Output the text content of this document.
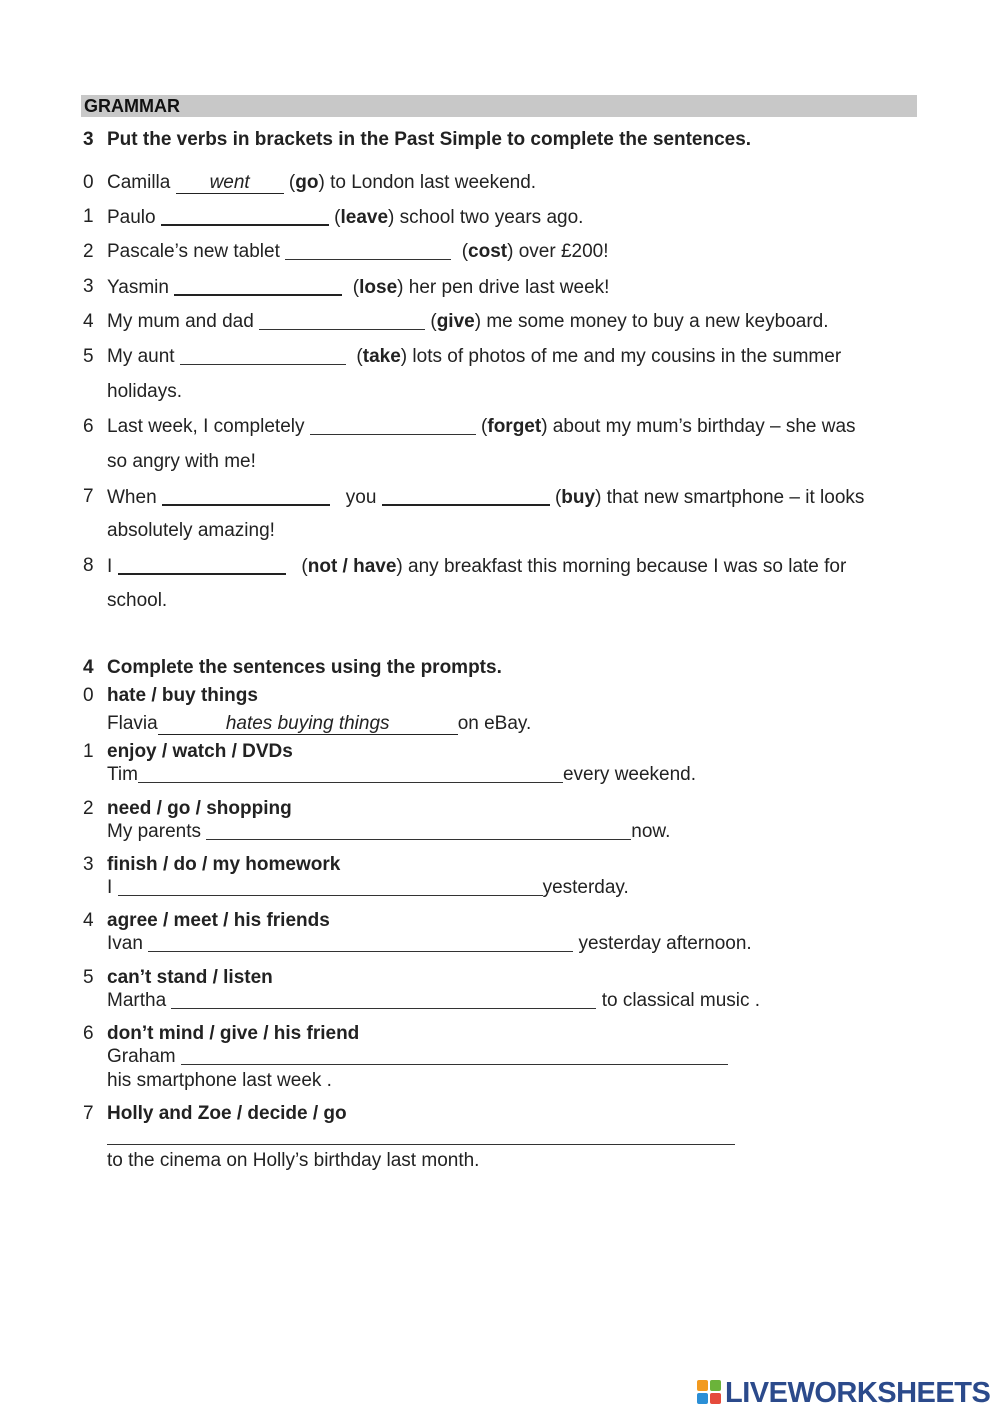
GRAMMAR
3 Put the verbs in brackets in the Past Simple to complete the sentences.
0 Camilla went (go) to London last weekend.
1 Paulo	(leave) school two years ago.
2 Pascale’s new tablet	(cost) over £200!
3 Yasmin	(lose) her pen drive last week!
4 My mum and dad	(give) me some money to buy a new keyboard.
5 My aunt	(take) lots of photos of me and my cousins in the summer
holidays.
6 Last week, I completely	(forget) about my mum’s birthday – she was
so angry with me!
7 When	you	(buy) that new smartphone – it looks
absolutely amazing!
8 I	(not / have) any breakfast this morning because I was so late for
school.
4 Complete the sentences using the prompts.
0 hate / buy things
Flavia	hates buying things	on eBay.
1 enjoy / watch / DVDs
Tim	every weekend.
2 need / go / shopping
My parents	now.
3 finish / do / my homework
I	yesterday.
4 agree / meet / his friends
Ivan	yesterday afternoon.
5 can’t stand / listen
Martha	to classical music .
6 don’t mind / give / his friend
Graham
his smartphone last week .
7 Holly and Zoe / decide / go
to the cinema on Holly’s birthday last month.
LIVEWORKSHEETS
